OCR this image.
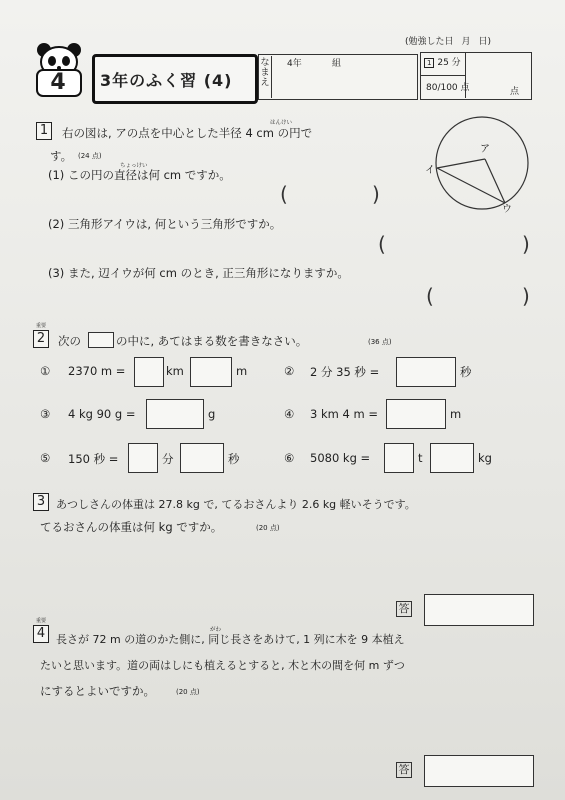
(勉強した日 月 日)
4	3年のふく習 (4)
なまえ
4年	組	1 25 分
80/100 点	点
1	はんけい
右の図は, アの点を中心とした半径 4 cm の円で
す。 (24 点)
ちょっけい
(1) この円の直径は何 cm ですか。
(	)
(2) 三角形アイウは, 何という三角形ですか。
(	)
(3) また, 辺イウが何 cm のとき, 正三角形になりますか。
(	)
ア
イ
ウ
重要
2	次の	の中に, あてはまる数を書きなさい。	(36 点)
① 2370 m =	km	m	② 2 分 35 秒 =	秒
③ 4 kg 90 g =	g	④ 3 km 4 m =	m
⑤ 150 秒 =	分	秒	⑥ 5080 kg =	t	kg
3 あつしさんの体重は 27.8 kg で, てるおさんより 2.6 kg 軽いそうです。
てるおさんの体重は何 kg ですか。	(20 点)
答
重要
4	がわ
長さが 72 m の道のかた側に, 同じ長さをあけて, 1 列に木を 9 本植え
たいと思います。道の両はしにも植えるとすると, 木と木の間を何 m ずつ
にするとよいですか。	(20 点)
答
